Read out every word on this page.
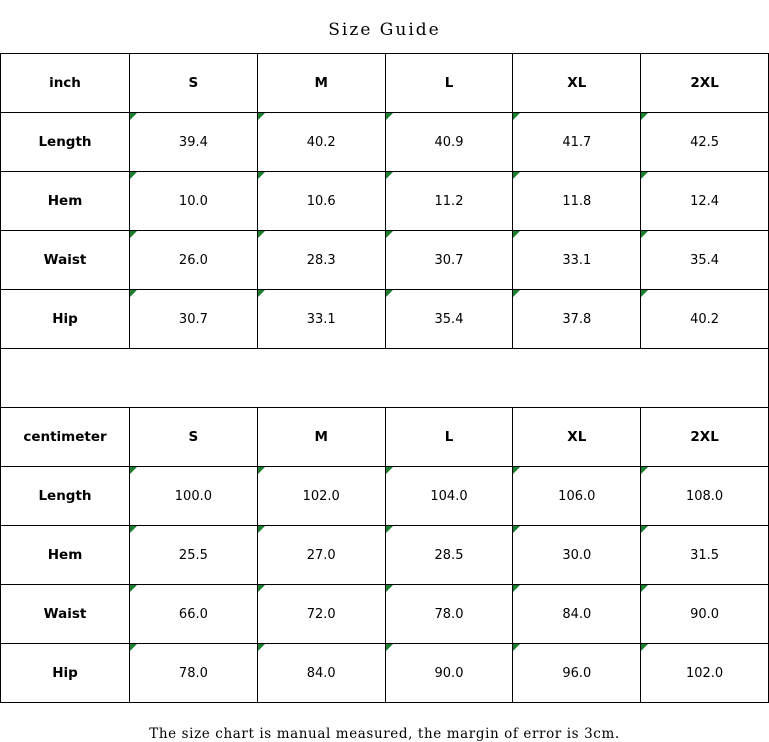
Size Guide
inch	S	M	L	XL	2XL
Length	39.4	40.2	40.9	41.7	42.5
Hem	10.0	10.6	11.2	11.8	12.4
Waist	26.0	28.3	30.7	33.1	35.4
Hip	30.7	33.1	35.4	37.8	40.2

centimeter	S	M	L	XL	2XL
Length	100.0	102.0	104.0	106.0	108.0
Hem	25.5	27.0	28.5	30.0	31.5
Waist	66.0	72.0	78.0	84.0	90.0
Hip	78.0	84.0	90.0	96.0	102.0
The size chart is manual measured, the margin of error is 3cm.
